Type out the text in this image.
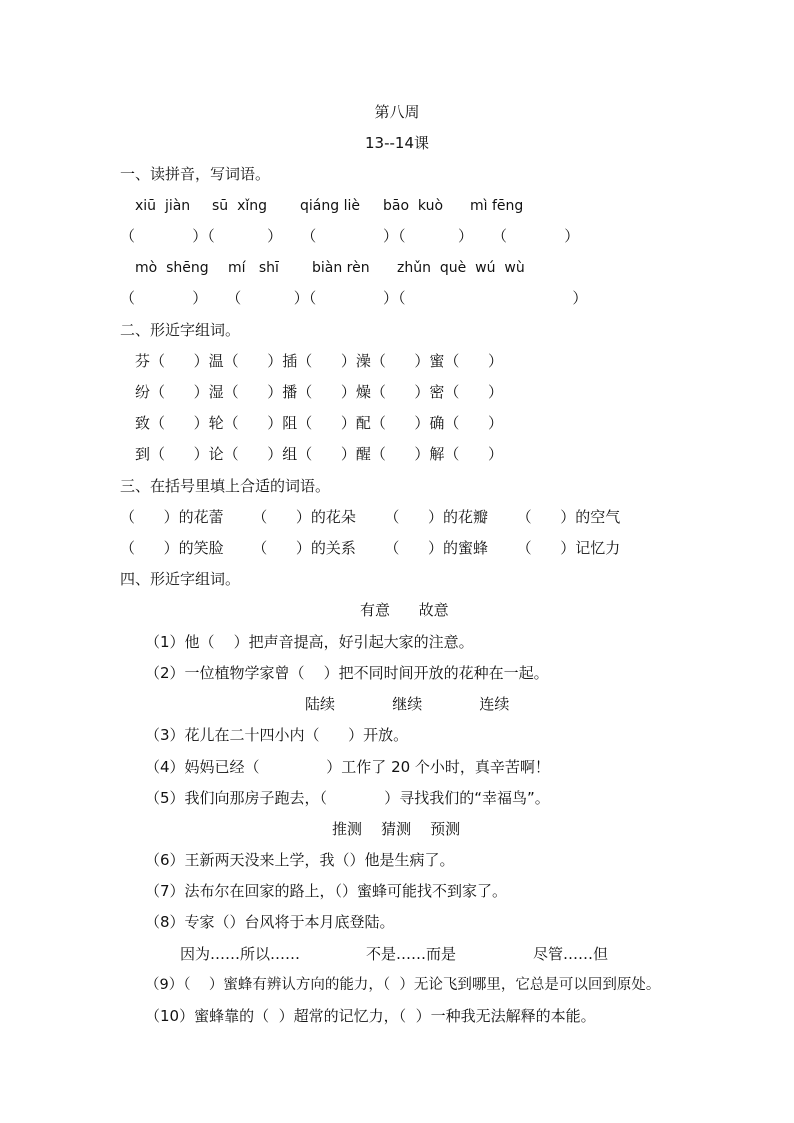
第八周
13--14课
一、读拼音，写词语。
xiū  jiàn sū  xǐng qiáng liè bāo  kuò mì fēng
（            ）（           ）    （              ）（           ）    （            ）
mò  shēng mí   shī biàn rèn zhǔn  què  wú  wù
（            ）    （           ）（              ）（                                   ）
二、形近字组词。
芬（      ）温（      ）插（      ）澡（      ）蜜（      ）
纷（      ）湿（      ）播（      ）燥（      ）密（      ）
致（      ）轮（      ）阻（      ）配（      ）确（      ）
到（      ）论（      ）组（      ）醒（      ）解（      ）
三、在括号里填上合适的词语。
（      ）的花蕾      （      ）的花朵      （      ）的花瓣      （      ）的空气
（      ）的笑脸      （      ）的关系      （      ）的蜜蜂      （      ）记忆力
四、形近字组词。
有意      故意
（1）他（    ）把声音提高，好引起大家的注意。
（2）一位植物学家曾（    ）把不同时间开放的花种在一起。
陆续            继续            连续
（3）花儿在二十四小内（      ）开放。
（4）妈妈已经（              ）工作了 20 个小时，真辛苦啊！
（5）我们向那房子跑去，（            ）寻找我们的“幸福鸟”。
推测    猜测    预测
（6）王新两天没来上学，我（）他是生病了。
（7）法布尔在回家的路上，（）蜜蜂可能找不到家了。
（8）专家（）台风将于本月底登陆。
因为……所以……	不是……而是	尽管……但
（9）（    ）蜜蜂有辨认方向的能力，（  ）无论飞到哪里，它总是可以回到原处。
（10）蜜蜂靠的（  ）超常的记忆力，（  ）一种我无法解释的本能。
